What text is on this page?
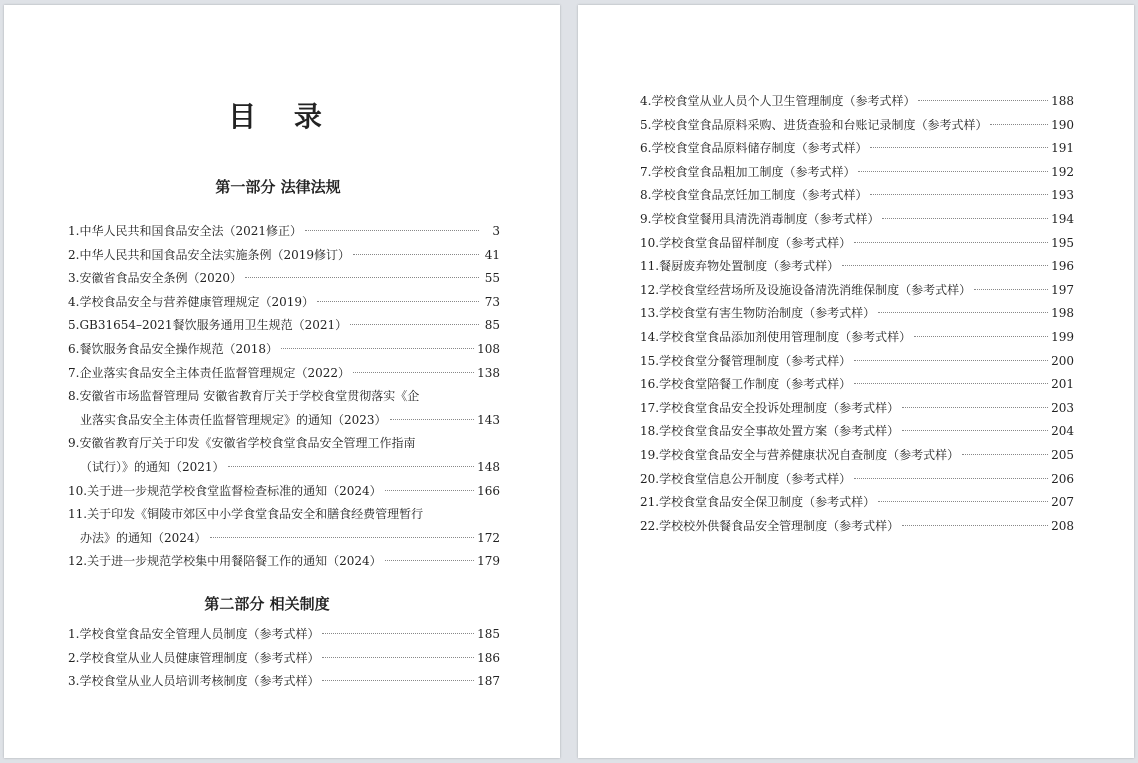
目 录
第一部分 法律法规
1.中华人民共和国食品安全法（2021修正）	3
2.中华人民共和国食品安全法实施条例（2019修订）	41
3.安徽省食品安全条例（2020）	55
4.学校食品安全与营养健康管理规定（2019）	73
5.GB31654–2021餐饮服务通用卫生规范（2021）	85
6.餐饮服务食品安全操作规范（2018）	108
7.企业落实食品安全主体责任监督管理规定（2022）	138
8.安徽省市场监督管理局 安徽省教育厅关于学校食堂贯彻落实《企
业落实食品安全主体责任监督管理规定》的通知（2023）	143
9.安徽省教育厅关于印发《安徽省学校食堂食品安全管理工作指南
（试行）》的通知（2021）	148
10.关于进一步规范学校食堂监督检查标准的通知（2024）	166
11.关于印发《铜陵市郊区中小学食堂食品安全和膳食经费管理暂行
办法》的通知（2024）	172
12.关于进一步规范学校集中用餐陪餐工作的通知（2024）	179
第二部分 相关制度
1.学校食堂食品安全管理人员制度（参考式样）	185
2.学校食堂从业人员健康管理制度（参考式样）	186
3.学校食堂从业人员培训考核制度（参考式样）	187
4.学校食堂从业人员个人卫生管理制度（参考式样）	188
5.学校食堂食品原料采购、进货查验和台账记录制度（参考式样）	190
6.学校食堂食品原料储存制度（参考式样）	191
7.学校食堂食品粗加工制度（参考式样）	192
8.学校食堂食品烹饪加工制度（参考式样）	193
9.学校食堂餐用具清洗消毒制度（参考式样）	194
10.学校食堂食品留样制度（参考式样）	195
11.餐厨废弃物处置制度（参考式样）	196
12.学校食堂经营场所及设施设备清洗消维保制度（参考式样）	197
13.学校食堂有害生物防治制度（参考式样）	198
14.学校食堂食品添加剂使用管理制度（参考式样）	199
15.学校食堂分餐管理制度（参考式样）	200
16.学校食堂陪餐工作制度（参考式样）	201
17.学校食堂食品安全投诉处理制度（参考式样）	203
18.学校食堂食品安全事故处置方案（参考式样）	204
19.学校食堂食品安全与营养健康状况自查制度（参考式样）	205
20.学校食堂信息公开制度（参考式样）	206
21.学校食堂食品安全保卫制度（参考式样）	207
22.学校校外供餐食品安全管理制度（参考式样）	208
